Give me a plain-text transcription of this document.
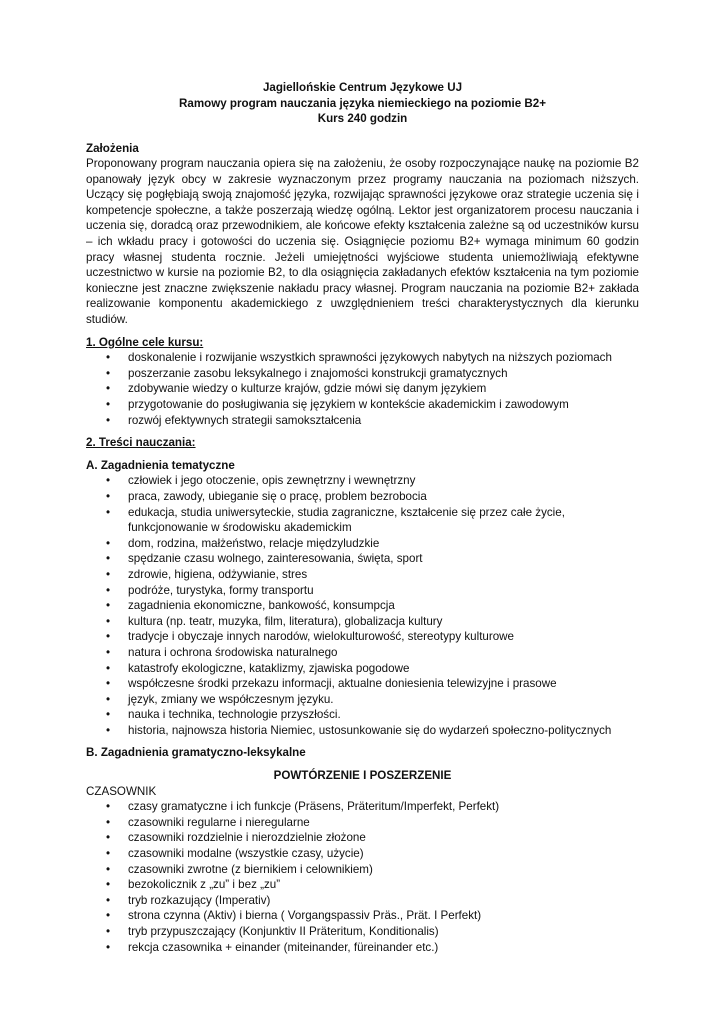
Jagiellońskie Centrum Językowe UJ
Ramowy program nauczania języka niemieckiego na poziomie B2+
Kurs 240 godzin
Założenia
Proponowany program nauczania opiera się na założeniu, że osoby rozpoczynające naukę na poziomie B2 opanowały język obcy w zakresie wyznaczonym przez programy nauczania na poziomach niższych. Uczący się pogłębiają swoją znajomość języka, rozwijając sprawności językowe oraz strategie uczenia się i kompetencje społeczne, a także poszerzają wiedzę ogólną. Lektor jest organizatorem procesu nauczania i uczenia się, doradcą oraz przewodnikiem, ale końcowe efekty kształcenia zależne są od uczestników kursu – ich wkładu pracy i gotowości do uczenia się. Osiągnięcie poziomu B2+ wymaga minimum 60 godzin pracy własnej studenta rocznie. Jeżeli umiejętności wyjściowe studenta uniemożliwiają efektywne uczestnictwo w kursie na poziomie B2, to dla osiągnięcia zakładanych efektów kształcenia na tym poziomie konieczne jest znaczne zwiększenie nakładu pracy własnej. Program nauczania na poziomie B2+ zakłada realizowanie komponentu akademickiego z uwzględnieniem treści charakterystycznych dla kierunku studiów.
1. Ogólne cele kursu:
• doskonalenie i rozwijanie wszystkich sprawności językowych nabytych na niższych poziomach
• poszerzanie zasobu leksykalnego i znajomości konstrukcji gramatycznych
• zdobywanie wiedzy o kulturze krajów, gdzie mówi się danym językiem
• przygotowanie do posługiwania się językiem w kontekście akademickim i zawodowym
• rozwój efektywnych strategii samokształcenia
2. Treści nauczania:
A. Zagadnienia tematyczne
• człowiek i jego otoczenie, opis zewnętrzny i wewnętrzny
• praca, zawody, ubieganie się o pracę, problem bezrobocia
• edukacja, studia uniwersyteckie, studia zagraniczne, kształcenie się przez całe życie, funkcjonowanie w środowisku akademickim
• dom, rodzina, małżeństwo, relacje międzyludzkie
• spędzanie czasu wolnego, zainteresowania, święta, sport
• zdrowie, higiena, odżywianie, stres
• podróże, turystyka, formy transportu
• zagadnienia ekonomiczne, bankowość, konsumpcja
• kultura (np. teatr, muzyka, film, literatura), globalizacja kultury
• tradycje i obyczaje innych narodów, wielokulturowość, stereotypy kulturowe
• natura i ochrona środowiska naturalnego
• katastrofy ekologiczne, kataklizmy, zjawiska pogodowe
• współczesne środki przekazu informacji, aktualne doniesienia telewizyjne i prasowe
• język, zmiany we współczesnym języku.
• nauka i technika, technologie przyszłości.
• historia, najnowsza historia Niemiec, ustosunkowanie się do wydarzeń społeczno-politycznych
B. Zagadnienia gramatyczno-leksykalne
POWTÓRZENIE I POSZERZENIE
CZASOWNIK
• czasy gramatyczne i ich funkcje (Präsens, Präteritum/Imperfekt, Perfekt)
• czasowniki regularne i nieregularne
• czasowniki rozdzielnie i nierozdzielnie złożone
• czasowniki modalne (wszystkie czasy, użycie)
• czasowniki zwrotne (z biernikiem i celownikiem)
• bezokolicznik z „zu” i bez „zu”
• tryb rozkazujący (Imperativ)
• strona czynna (Aktiv) i bierna ( Vorgangspassiv Präs., Prät. I Perfekt)
• tryb przypuszczający (Konjunktiv II Präteritum, Konditionalis)
• rekcja czasownika + einander (miteinander, füreinander etc.)
